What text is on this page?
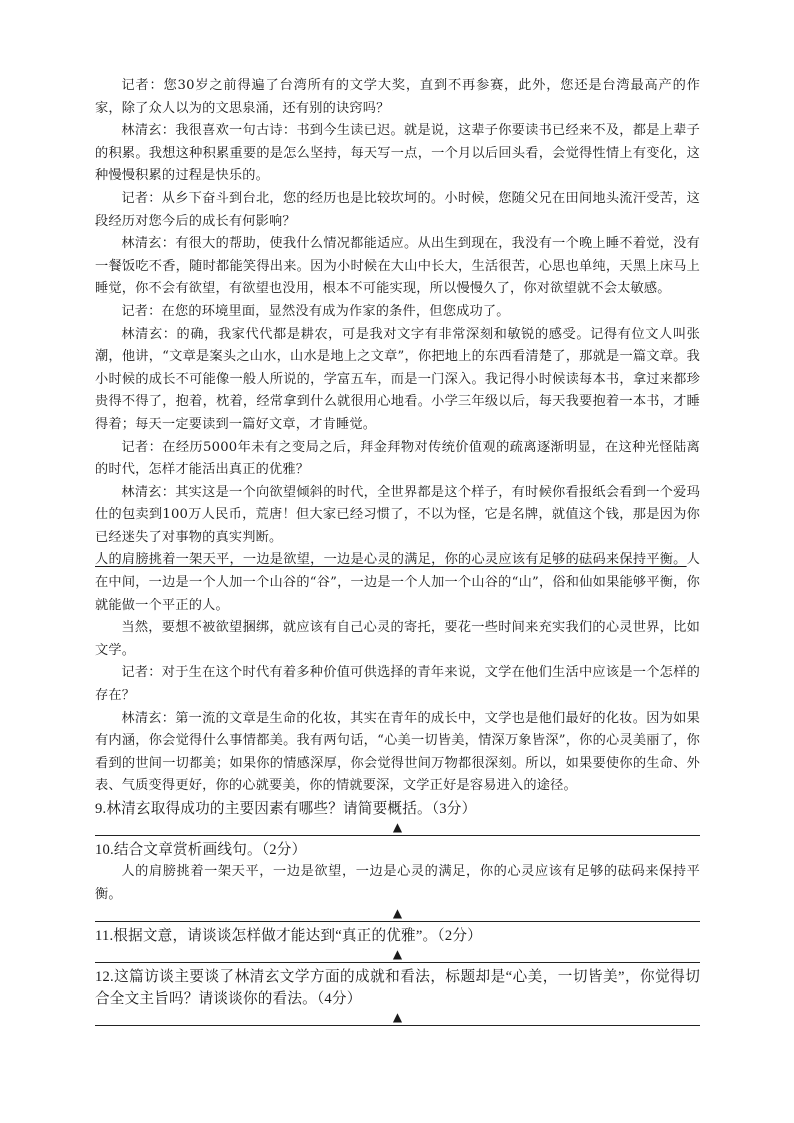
记者：您30岁之前得遍了台湾所有的文学大奖，直到不再参赛，此外，您还是台湾最高产的作家，除了众人以为的文思泉涌，还有别的诀窍吗？

林清玄：我很喜欢一句古诗：书到今生读已迟。就是说，这辈子你要读书已经来不及，都是上辈子的积累。我想这种积累重要的是怎么坚持，每天写一点，一个月以后回头看，会觉得性情上有变化，这种慢慢积累的过程是快乐的。

记者：从乡下奋斗到台北，您的经历也是比较坎坷的。小时候，您随父兄在田间地头流汗受苦，这段经历对您今后的成长有何影响？

林清玄：有很大的帮助，使我什么情况都能适应。从出生到现在，我没有一个晚上睡不着觉，没有一餐饭吃不香，随时都能笑得出来。因为小时候在大山中长大，生活很苦，心思也单纯，天黑上床马上睡觉，你不会有欲望，有欲望也没用，根本不可能实现，所以慢慢久了，你对欲望就不会太敏感。

记者：在您的环境里面，显然没有成为作家的条件，但您成功了。

林清玄：的确，我家代代都是耕农，可是我对文字有非常深刻和敏锐的感受。记得有位文人叫张潮，他讲，“文章是案头之山水，山水是地上之文章”，你把地上的东西看清楚了，那就是一篇文章。我小时候的成长不可能像一般人所说的，学富五车，而是一门深入。我记得小时候读每本书，拿过来都珍贵得不得了，抱着，枕着，经常拿到什么就很用心地看。小学三年级以后，每天我要抱着一本书，才睡得着；每天一定要读到一篇好文章，才肯睡觉。

记者：在经历5000年未有之变局之后，拜金拜物对传统价值观的疏离逐渐明显，在这种光怪陆离的时代，怎样才能活出真正的优雅？

林清玄：其实这是一个向欲望倾斜的时代，全世界都是这个样子，有时候你看报纸会看到一个爱玛仕的包卖到100万人民币，荒唐！但大家已经习惯了，不以为怪，它是名牌，就值这个钱，那是因为你已经迷失了对事物的真实判断。

人的肩膀挑着一架天平，一边是欲望，一边是心灵的满足，你的心灵应该有足够的砝码来保持平衡。人在中间，一边是一个人加一个山谷的“谷”，一边是一个人加一个山谷的“山”，俗和仙如果能够平衡，你就能做一个平正的人。

当然，要想不被欲望捆绑，就应该有自己心灵的寄托，要花一些时间来充实我们的心灵世界，比如文学。

记者：对于生在这个时代有着多种价值可供选择的青年来说，文学在他们生活中应该是一个怎样的存在？

林清玄：第一流的文章是生命的化妆，其实在青年的成长中，文学也是他们最好的化妆。因为如果有内涵，你会觉得什么事情都美。我有两句话，“心美一切皆美，情深万象皆深”，你的心灵美丽了，你看到的世间一切都美；如果你的情感深厚，你会觉得世间万物都很深刻。所以，如果要使你的生命、外表、气质变得更好，你的心就要美，你的情就要深，文学正好是容易进入的途径。

9.林清玄取得成功的主要因素有哪些？请简要概括。（3分）

▲

10.结合文章赏析画线句。（2分）

人的肩膀挑着一架天平，一边是欲望，一边是心灵的满足，你的心灵应该有足够的砝码来保持平衡。

▲

11.根据文意，请谈谈怎样做才能达到“真正的优雅”。（2分）

▲

12.这篇访谈主要谈了林清玄文学方面的成就和看法，标题却是“心美，一切皆美”，你觉得切合全文主旨吗？请谈谈你的看法。（4分）

▲
